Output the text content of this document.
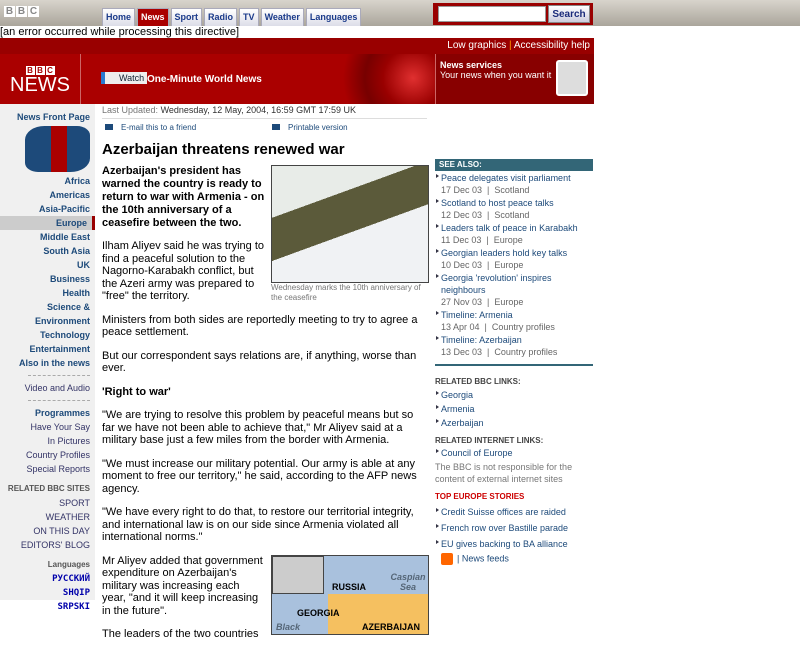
B B C	Home	News	Sport	Radio	TV	Weather	Languages	Search
[an error occurred while processing this directive]
Low graphics | Accessibility help
B B C
NEWS	Watch One-Minute World News
News services
Your news when you want it
News Front Page
Africa
Americas
Asia-Pacific
Europe
Middle East
South Asia
UK
Business
Health
Science & Environment
Technology
Entertainment
Also in the news
Video and Audio
Programmes
Have Your Say
In Pictures
Country Profiles
Special Reports
RELATED BBC SITES
SPORT
WEATHER
ON THIS DAY
EDITORS' BLOG
Languages
РУССКИЙ
SHQIP
SRPSKI
Last Updated: Wednesday, 12 May, 2004, 16:59 GMT 17:59 UK
E-mail this to a friend	Printable version
Azerbaijan threatens renewed war
Wednesday marks the 10th anniversary of the ceasefire
Azerbaijan's president has warned the country is ready to return to war with Armenia - on the 10th anniversary of a ceasefire between the two.

Ilham Aliyev said he was trying to find a peaceful solution to the Nagorno-Karabakh conflict, but the Azeri army was prepared to "free" the territory.

Ministers from both sides are reportedly meeting to try to agree a peace settlement.

But our correspondent says relations are, if anything, worse than ever.

'Right to war'

"We are trying to resolve this problem by peaceful means but so far we have not been able to achieve that," Mr Aliyev said at a military base just a few miles from the border with Armenia.

"We must increase our military potential. Our army is able at any moment to free our territory," he said, according to the AFP news agency.

"We have every right to do that, to restore our territorial integrity, and international law is on our side since Armenia violated all international norms."

RUSSIA
Caspian Sea
GEORGIA
Black	AZERBAIJAN

Mr Aliyev added that government expenditure on Azerbaijan's military was increasing each year, "and it will keep increasing in the future".

The leaders of the two countries

SEE ALSO:
Peace delegates visit parliament
17 Dec 03  |  Scotland
Scotland to host peace talks
12 Dec 03  |  Scotland
Leaders talk of peace in Karabakh
11 Dec 03  |  Europe
Georgian leaders hold key talks
10 Dec 03  |  Europe
Georgia 'revolution' inspires neighbours
27 Nov 03  |  Europe
Timeline: Armenia
13 Apr 04  |  Country profiles
Timeline: Azerbaijan
13 Dec 03  |  Country profiles
RELATED BBC LINKS:
Georgia
Armenia
Azerbaijan
RELATED INTERNET LINKS:
Council of Europe
The BBC is not responsible for the content of external internet sites
TOP EUROPE STORIES
Credit Suisse offices are raided
French row over Bastille parade
EU gives backing to BA alliance
| News feeds
